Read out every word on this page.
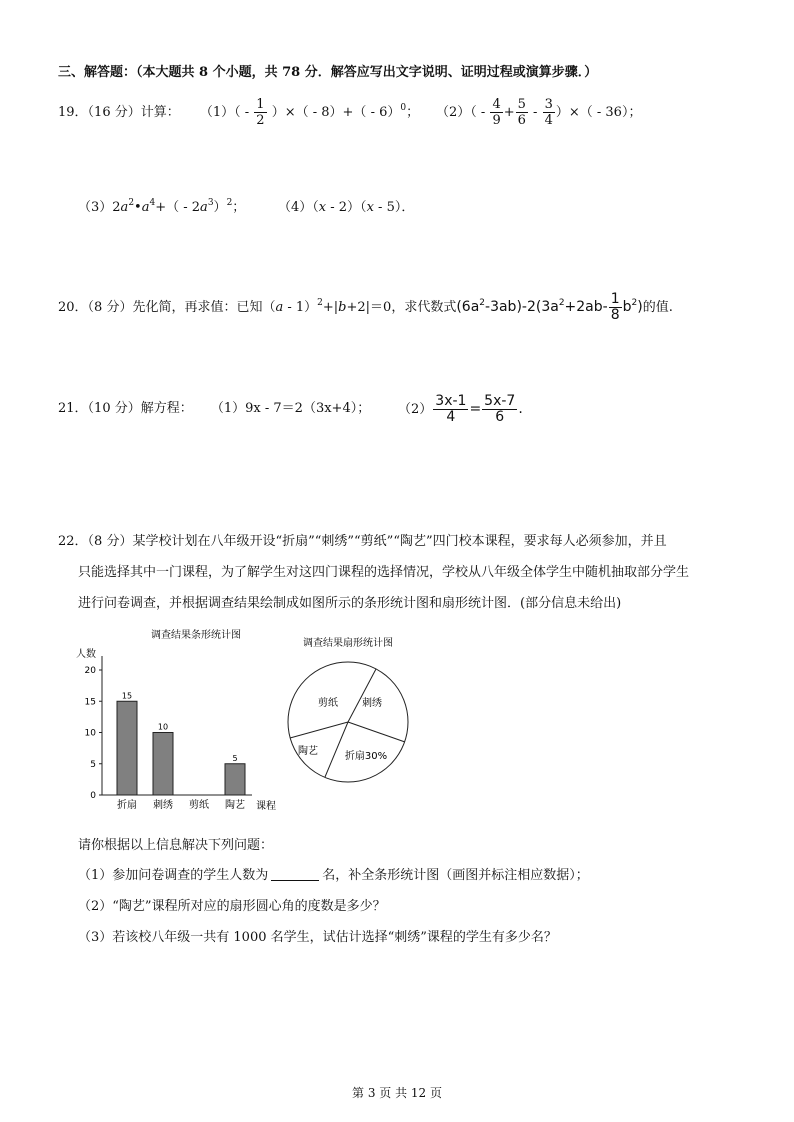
三、解答题：（本大题共 8 个小题，共 78 分．解答应写出文字说明、证明过程或演算步骤．）
19．（16 分）计算： $(1)( - \frac{1}{2}$ ）×（ - 8）+（ - 6）$^0$； $(2)( - \frac{4}{9} + \frac{5}{6} - \frac{3}{4}$ ）×（ - 36）；
$(3)2a^2•a^4+( - 2a^3)^2$；	（4）（x - 2）（x - 5）．
20．（8 分）先化简，再求值：已知（a - 1）$^2$+|b+2|＝0，求代数式$(6a^2-3ab)-2(3a^2+2ab- \frac{1}{8} b^2)$的值.
21．（10 分）解方程： （1）9x - 7＝2（3x+4）； $(2) \frac{3x-1}{4} = \frac{5x-7}{6}$ .
22．（8 分）某学校计划在八年级开设“折扇”“刺绣”“剪纸”“陶艺”四门校本课程，要求每人必须参加，并且
只能选择其中一门课程，为了解学生对这四门课程的选择情况，学校从八年级全体学生中随机抽取部分学生
进行问卷调查，并根据调查结果绘制成如图所示的条形统计图和扇形统计图．(部分信息未给出)
调查结果条形统计图
人数
课程
0
5
10
15
20
15
折扇
10
刺绣 剪纸
5
陶艺
调查结果扇形统计图
剪纸 刺绣
陶艺	折扇30%
请你根据以上信息解决下列问题：
（1）参加问卷调查的学生人数为	名，补全条形统计图（画图并标注相应数据）；
（2）“陶艺”课程所对应的扇形圆心角的度数是多少？
（3）若该校八年级一共有 1000 名学生，试估计选择“刺绣”课程的学生有多少名？
第 3 页 共 12 页
